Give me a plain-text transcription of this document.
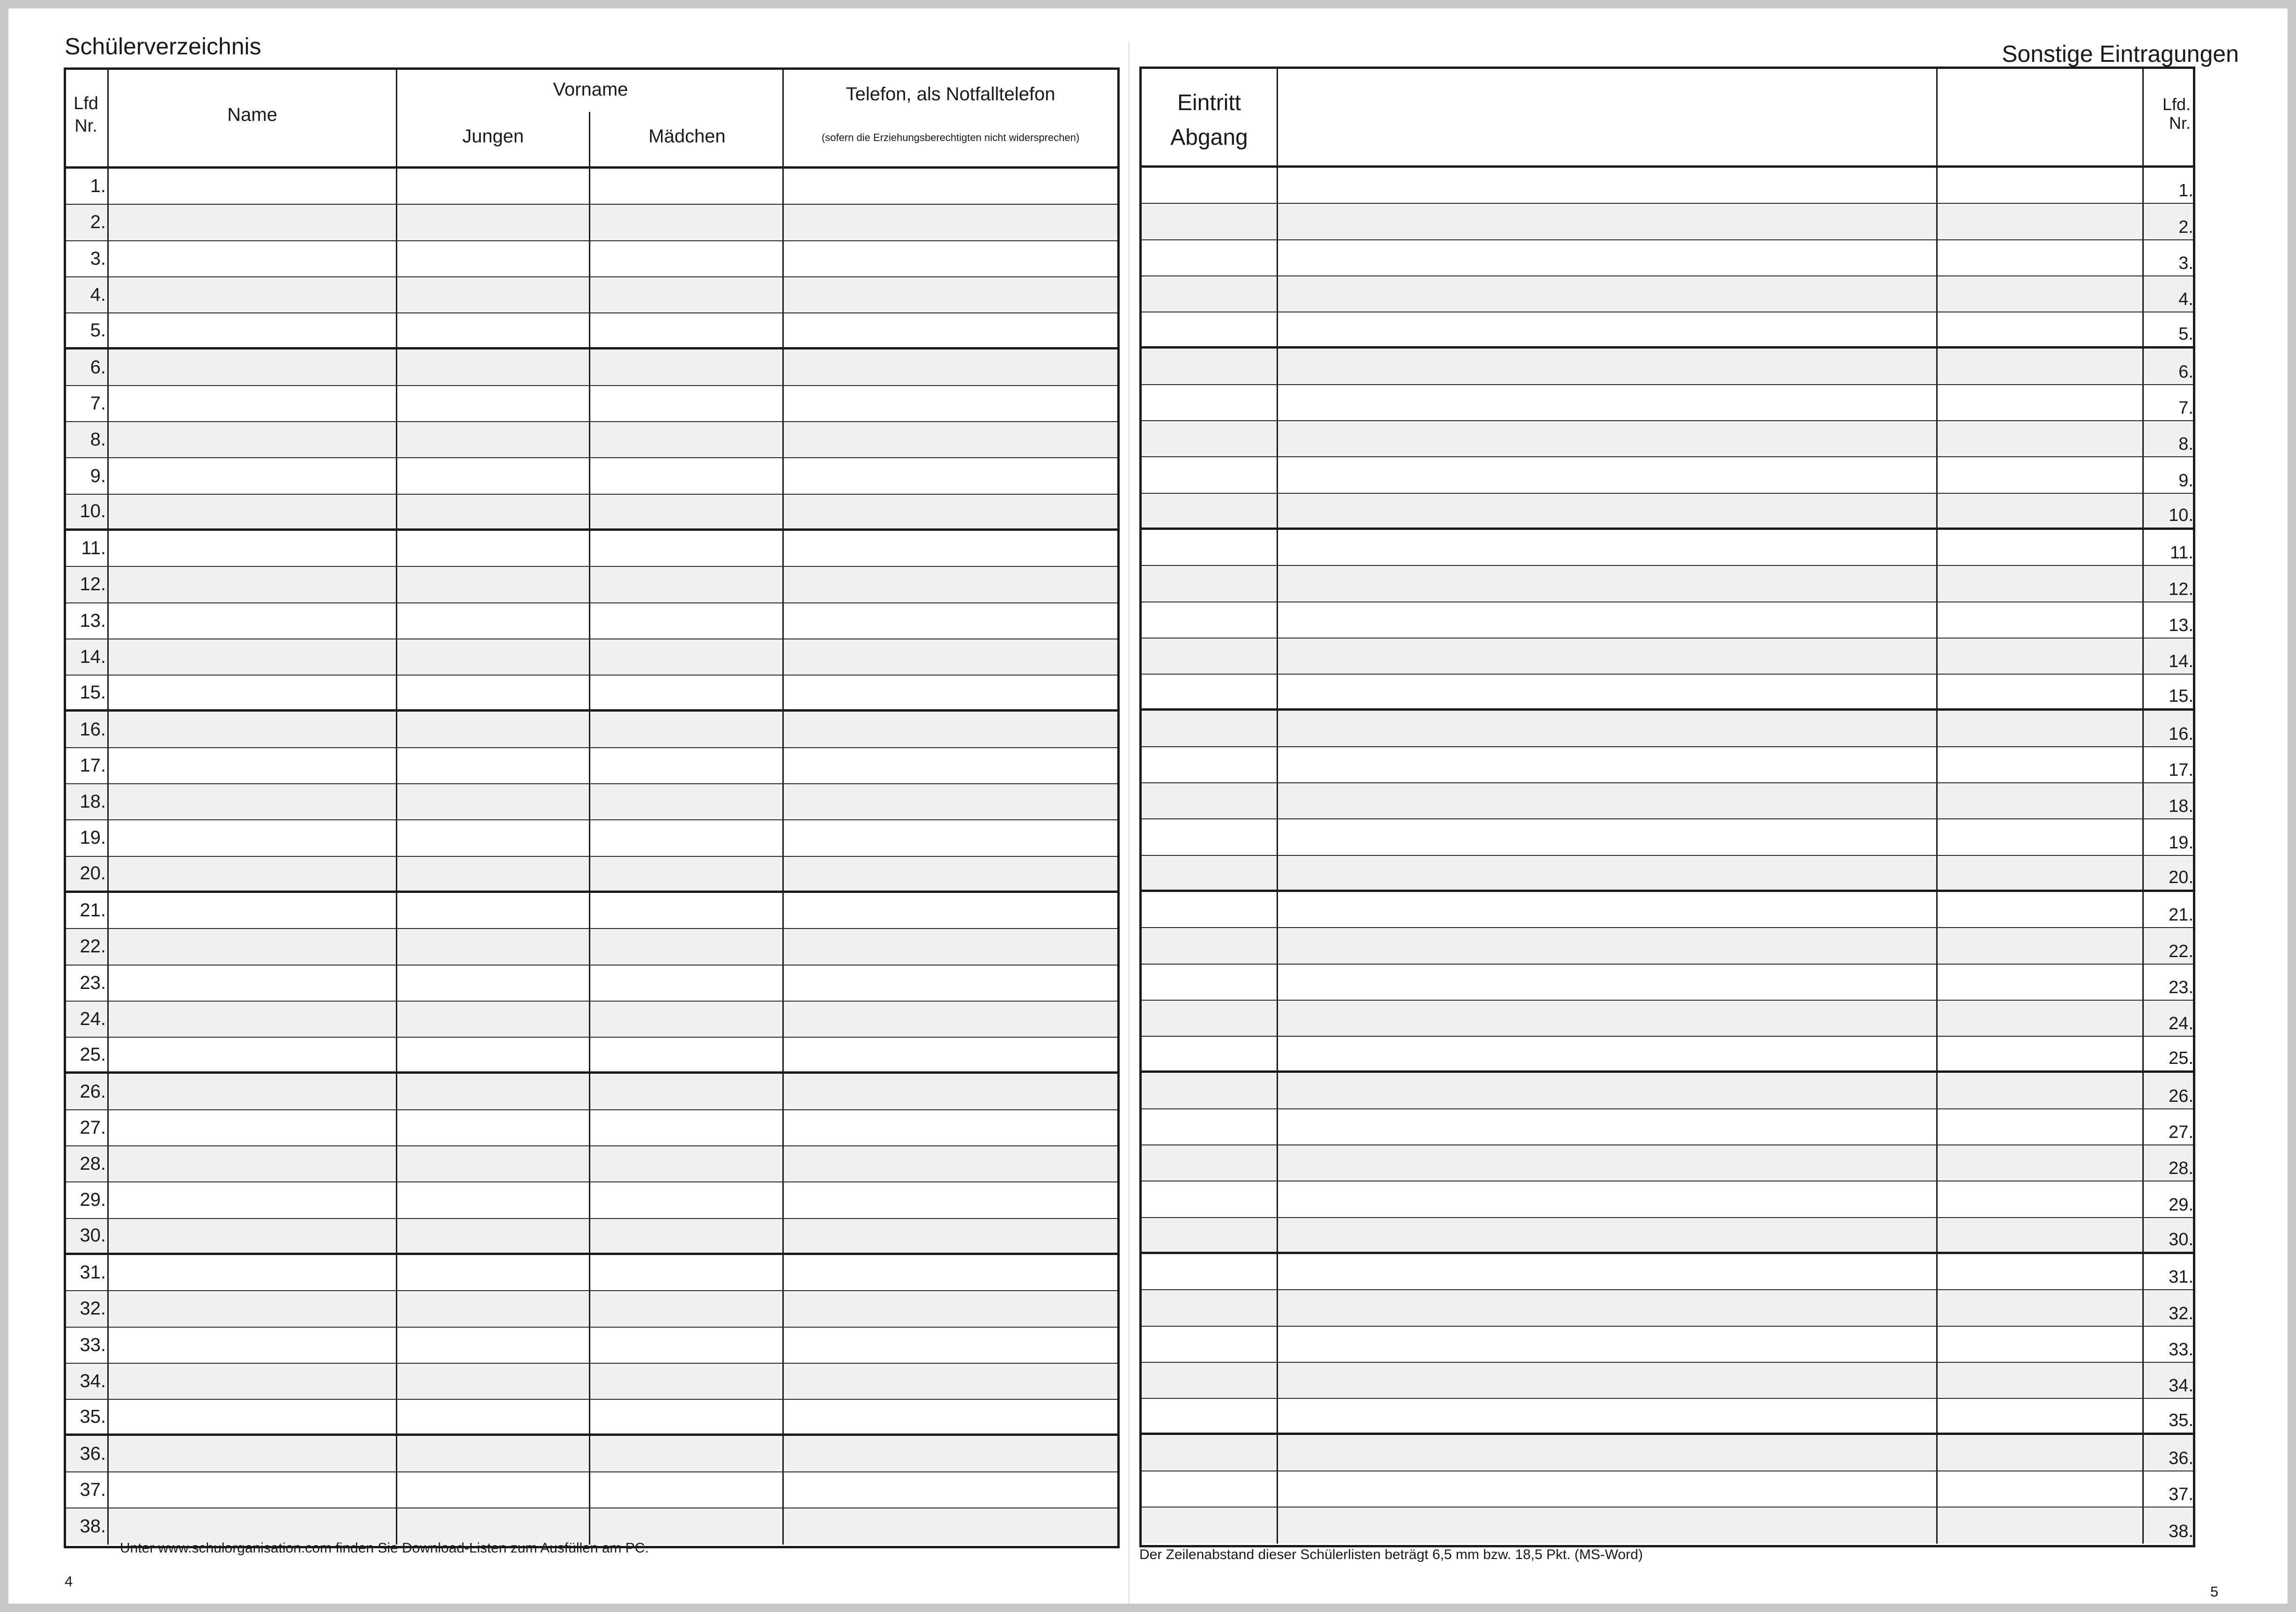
Schülerverzeichnis
Lfd
Nr.
Name
Vorname
Jungen	Mädchen
Telefon, als Notfalltelefon
(sofern die Erziehungsberechtigten nicht widersprechen)
1.
2.
3.
4.
5.
6.
7.
8.
9.
10.
11.
12.
13.
14.
15.
16.
17.
18.
19.
20.
21.
22.
23.
24.
25.
26.
27.
28.
29.
30.
31.
32.
33.
34.
35.
36.
37.
38.
Unter www.schulorganisation.com finden Sie Download-Listen zum Ausfüllen am PC.
4
Sonstige Eintragungen
Eintritt
Abgang
Lfd.
Nr.
1.
2.
3.
4.
5.
6.
7.
8.
9.
10.
11.
12.
13.
14.
15.
16.
17.
18.
19.
20.
21.
22.
23.
24.
25.
26.
27.
28.
29.
30.
31.
32.
33.
34.
35.
36.
37.
38.
Der Zeilenabstand dieser Schülerlisten beträgt 6,5 mm bzw. 18,5 Pkt. (MS-Word)
5
